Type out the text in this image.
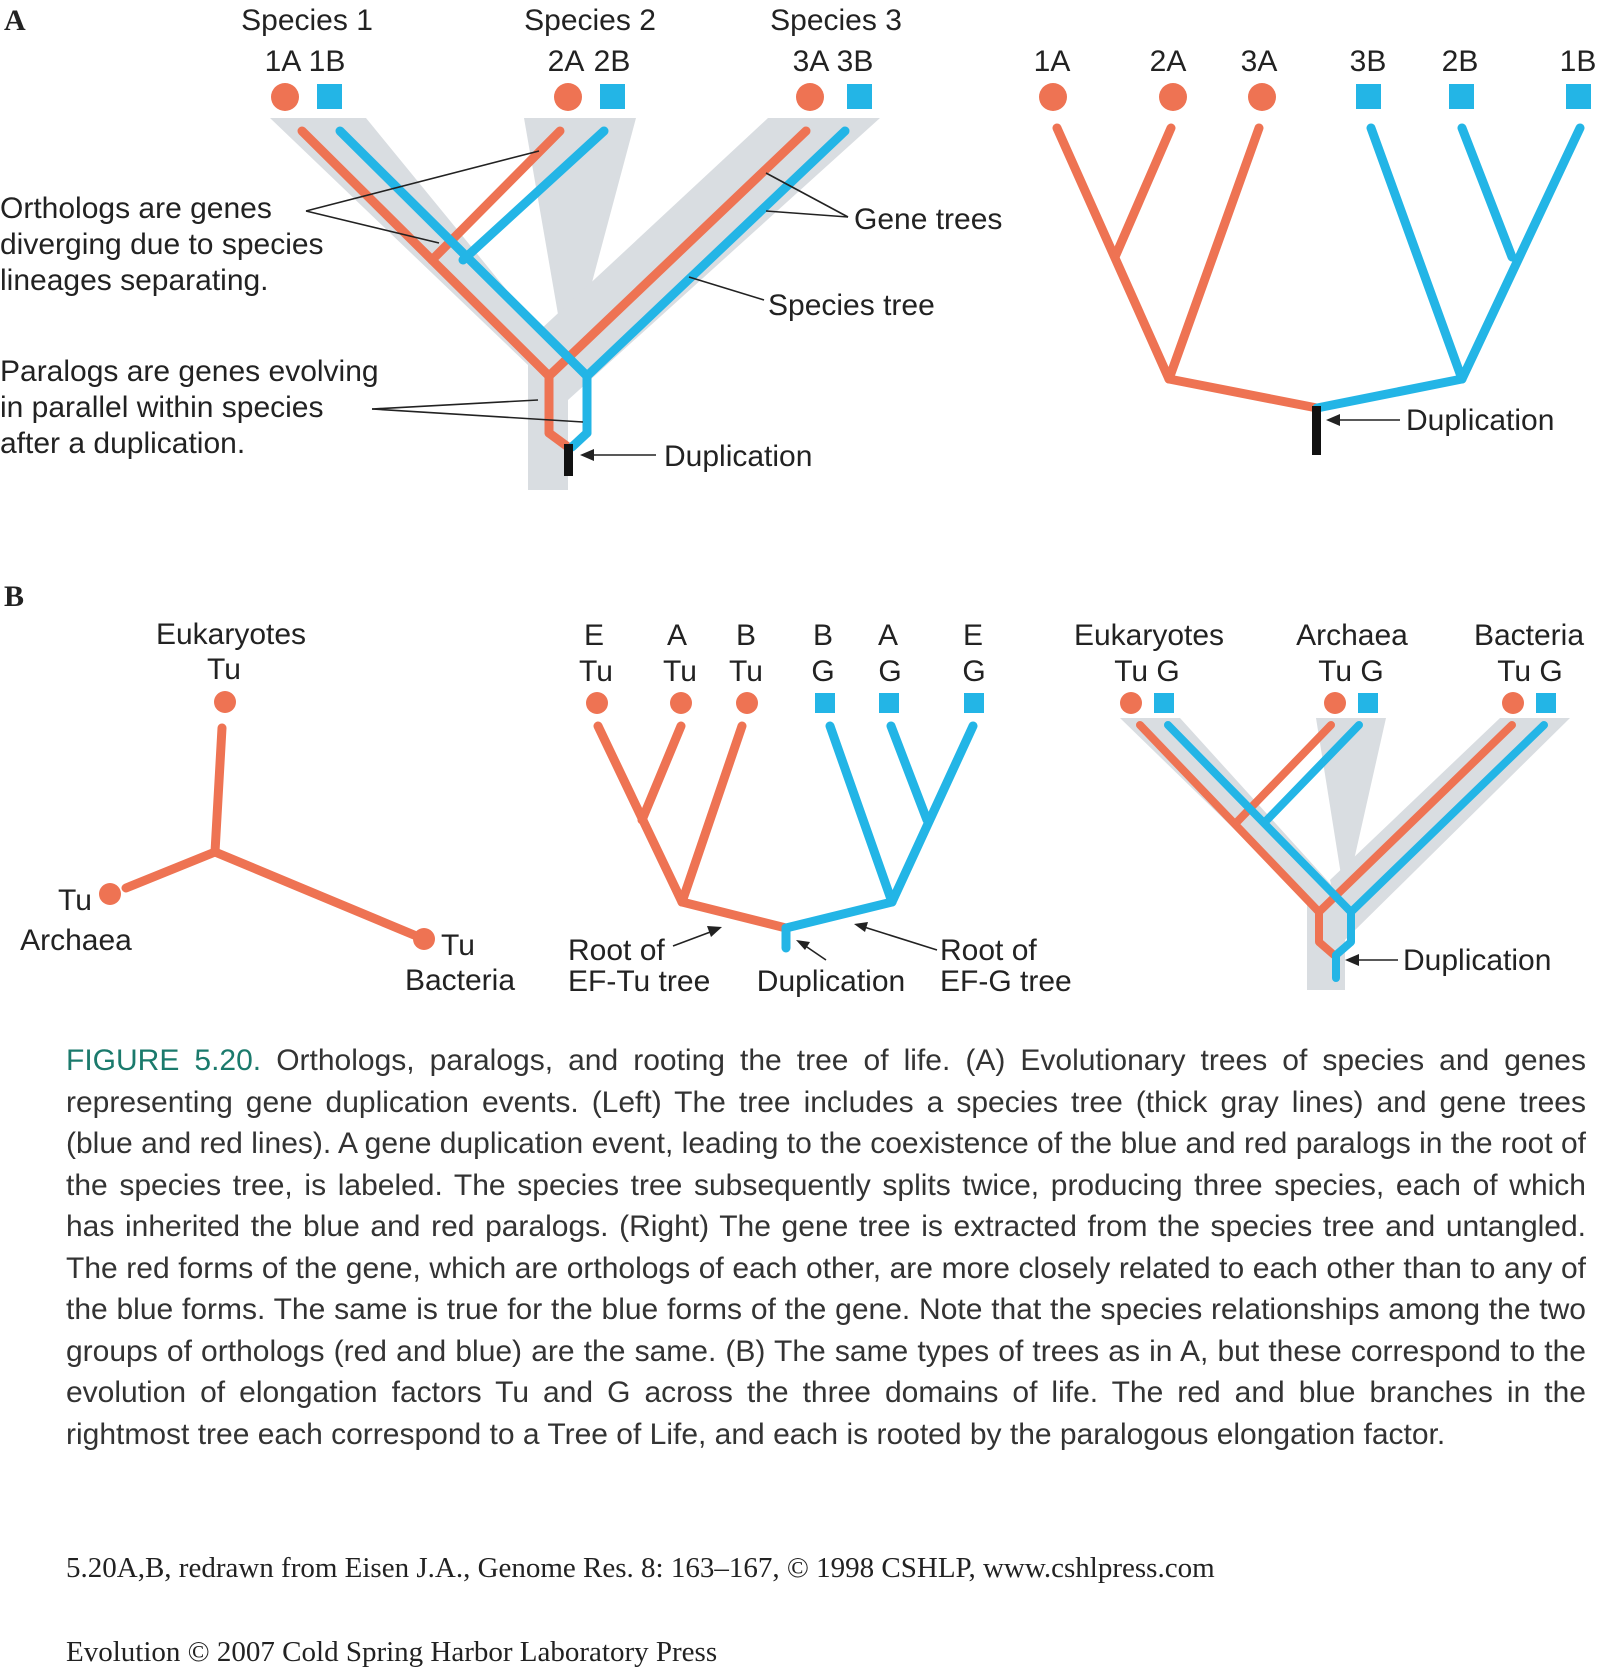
A	Species 1	Species 2	Species 3
1A 1B	2A 2B	3A 3B
Orthologs are genes
diverging due to species
lineages separating.
Paralogs are genes evolving
in parallel within species
after a duplication.
Gene trees
Species tree
Duplication
1A	2A 3A 3B 2B	1B
Duplication
B
Eukaryotes
Tu
Tu
Archaea	Tu
Bacteria
E A B B A E
Tu Tu Tu G G G
Root of
EF-Tu tree Duplication
Root of
EF-G tree
Eukaryotes Archaea Bacteria
Tu G	Tu G	Tu G
Duplication
FIGURE 5.20. Orthologs, paralogs, and rooting the tree of life. (A) Evolutionary trees of species and genes representing gene duplication events. (Left) The tree includes a species tree (thick gray lines) and gene trees (blue and red lines). A gene duplication event, leading to the coexistence of the blue and red paralogs in the root of the species tree, is labeled. The species tree subsequently splits twice, producing three species, each of which has inherited the blue and red paralogs. (Right) The gene tree is extracted from the species tree and untangled. The red forms of the gene, which are orthologs of each other, are more closely related to each other than to any of the blue forms. The same is true for the blue forms of the gene. Note that the species relationships among the two groups of orthologs (red and blue) are the same. (B) The same types of trees as in A, but these correspond to the evolution of elongation factors Tu and G across the three domains of life. The red and blue branches in the rightmost tree each correspond to a Tree of Life, and each is rooted by the paralogous elongation factor.
5.20A,B, redrawn from Eisen J.A., Genome Res. 8: 163–167, © 1998 CSHLP, www.cshlpress.com
Evolution © 2007 Cold Spring Harbor Laboratory Press
